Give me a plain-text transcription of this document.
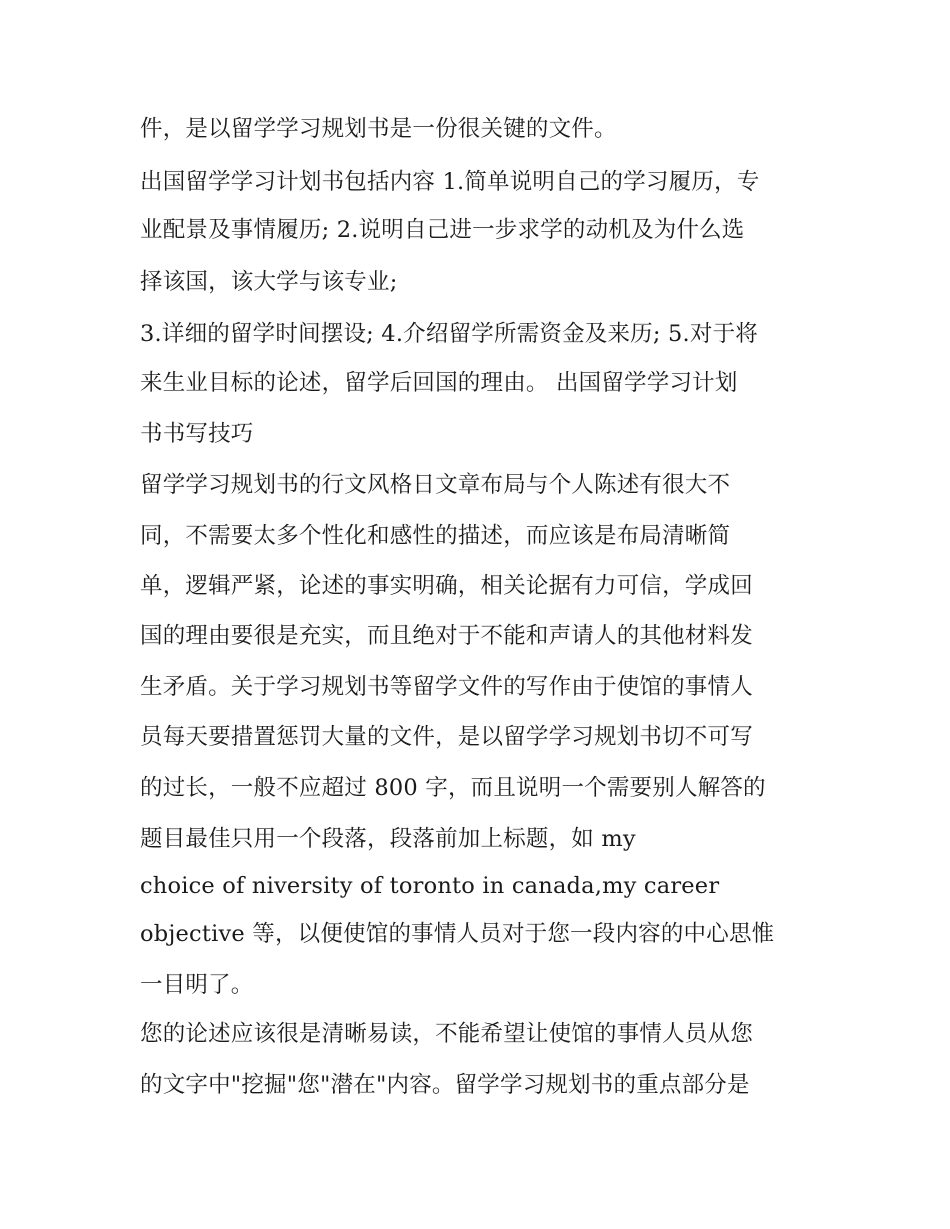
件，是以留学学习规划书是一份很关键的文件。
出国留学学习计划书包括内容 1.简单说明自己的学习履历，专
业配景及事情履历; 2.说明自己进一步求学的动机及为什么选
择该国，该大学与该专业;
3.详细的留学时间摆设; 4.介绍留学所需资金及来历; 5.对于将
来生业目标的论述，留学后回国的理由。 出国留学学习计划
书书写技巧
留学学习规划书的行文风格日文章布局与个人陈述有很大不
同，不需要太多个性化和感性的描述，而应该是布局清晰简
单，逻辑严紧，论述的事实明确，相关论据有力可信，学成回
国的理由要很是充实，而且绝对于不能和声请人的其他材料发
生矛盾。关于学习规划书等留学文件的写作由于使馆的事情人
员每天要措置惩罚大量的文件，是以留学学习规划书切不可写
的过长，一般不应超过 800 字，而且说明一个需要别人解答的
题目最佳只用一个段落，段落前加上标题，如 my
choice of niversity of toronto in canada,my career
objective 等，以便使馆的事情人员对于您一段内容的中心思惟
一目明了。
您的论述应该很是清晰易读，不能希望让使馆的事情人员从您
的文字中"挖掘"您"潜在"内容。留学学习规划书的重点部分是
